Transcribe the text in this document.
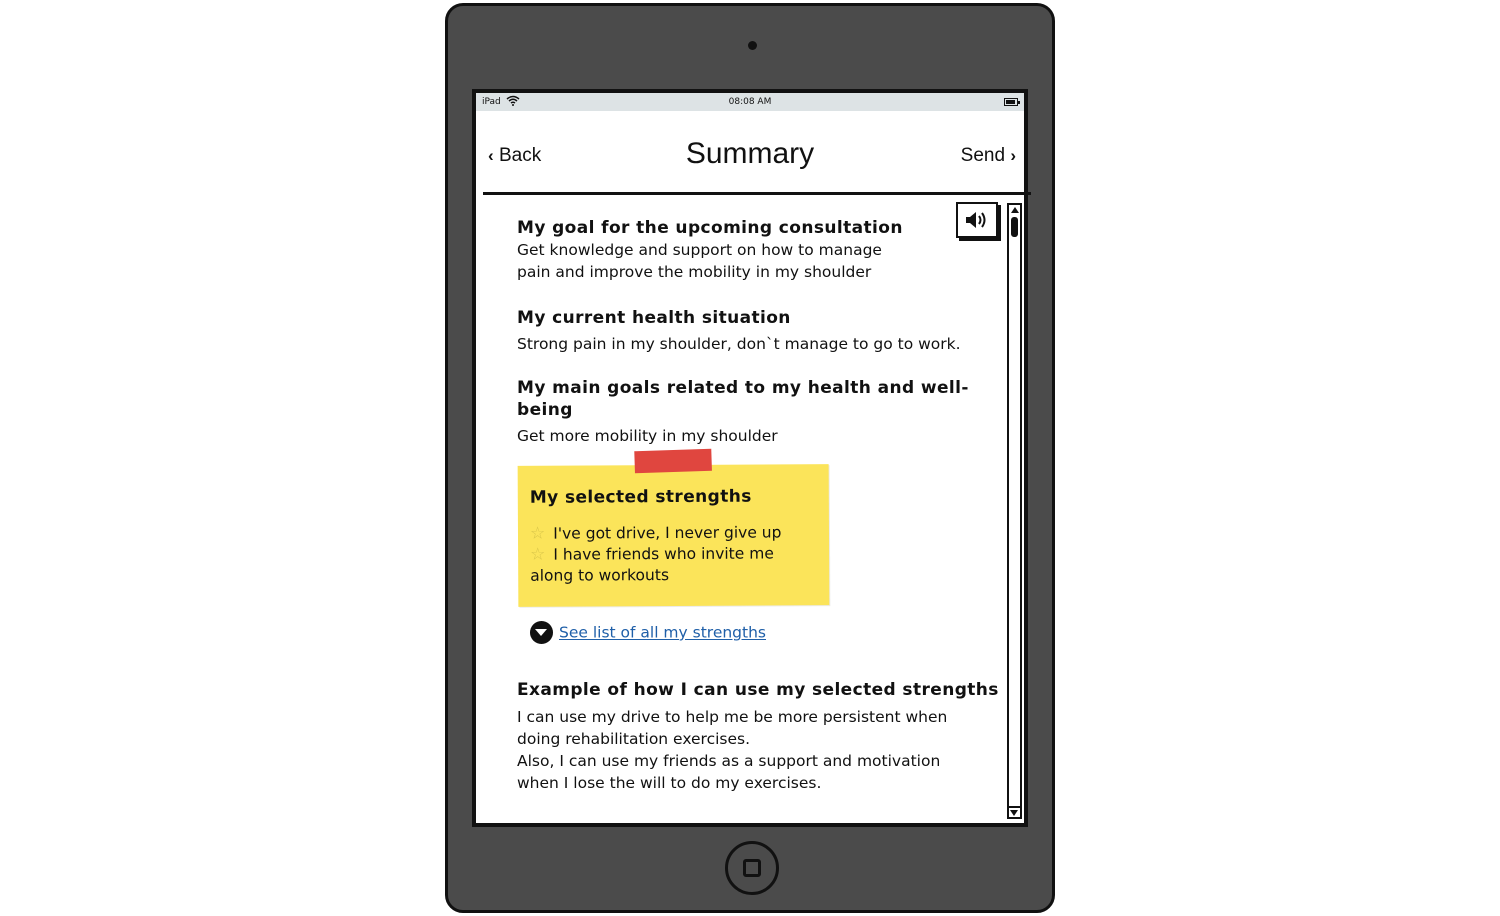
iPad	08:08 AM
‹ Back	Summary	Send ›
My goal for the upcoming consultation

Get knowledge and support on how to manage

pain and improve the mobility in my shoulder

My current health situation

Strong pain in my shoulder, don`t manage to go to work.

My main goals related to my health and well-being

Get more mobility in my shoulder

My selected strengths
☆ I've got drive, I never give up
☆ I have friends who invite me
along to workouts
See list of all my strengths
Example of how I can use my selected strengths

I can use my drive to help me be more persistent when

doing rehabilitation exercises.

Also, I can use my friends as a support and motivation

when I lose the will to do my exercises.
